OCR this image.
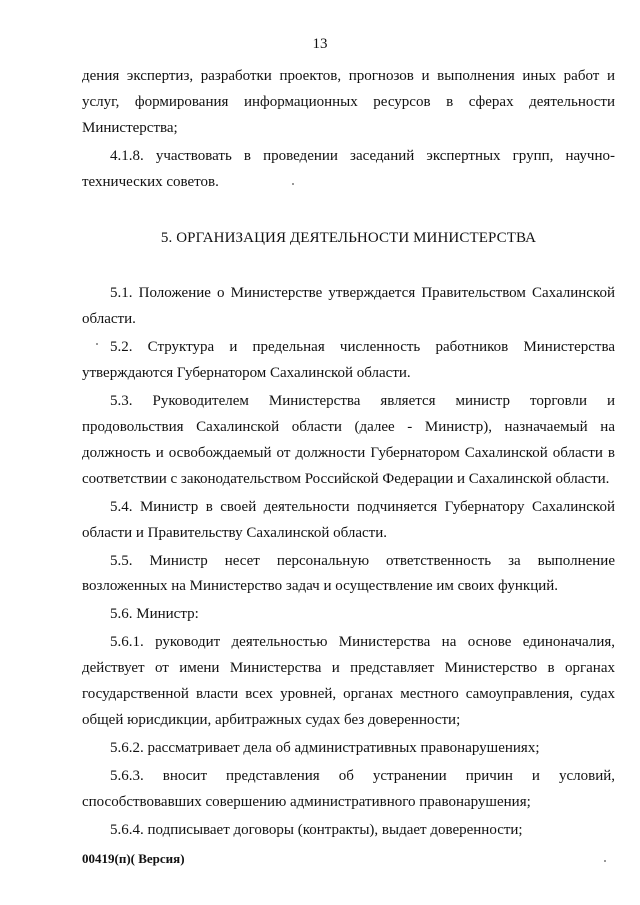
13

дения экспертиз, разработки проектов, прогнозов и выполнения иных работ и услуг, формирования информационных ресурсов в сферах деятельности Министерства;

4.1.8. участвовать в проведении заседаний экспертных групп, научно-технических советов.

5. ОРГАНИЗАЦИЯ ДЕЯТЕЛЬНОСТИ МИНИСТЕРСТВА

5.1. Положение о Министерстве утверждается Правительством Сахалинской области.

5.2. Структура и предельная численность работников Министерства утверждаются Губернатором Сахалинской области.

5.3. Руководителем Министерства является министр торговли и продовольствия Сахалинской области (далее - Министр), назначаемый на должность и освобождаемый от должности Губернатором Сахалинской области в соответствии с законодательством Российской Федерации и Сахалинской области.

5.4. Министр в своей деятельности подчиняется Губернатору Сахалинской области и Правительству Сахалинской области.

5.5. Министр несет персональную ответственность за выполнение возложенных на Министерство задач и осуществление им своих функций.

5.6. Министр:

5.6.1. руководит деятельностью Министерства на основе единоначалия, действует от имени Министерства и представляет Министерство в органах государственной власти всех уровней, органах местного самоуправления, судах общей юрисдикции, арбитражных судах без доверенности;

5.6.2. рассматривает дела об административных правонарушениях;

5.6.3. вносит представления об устранении причин и условий, способствовавших совершению административного правонарушения;

5.6.4. подписывает договоры (контракты), выдает доверенности;

00419(п)( Версия)
